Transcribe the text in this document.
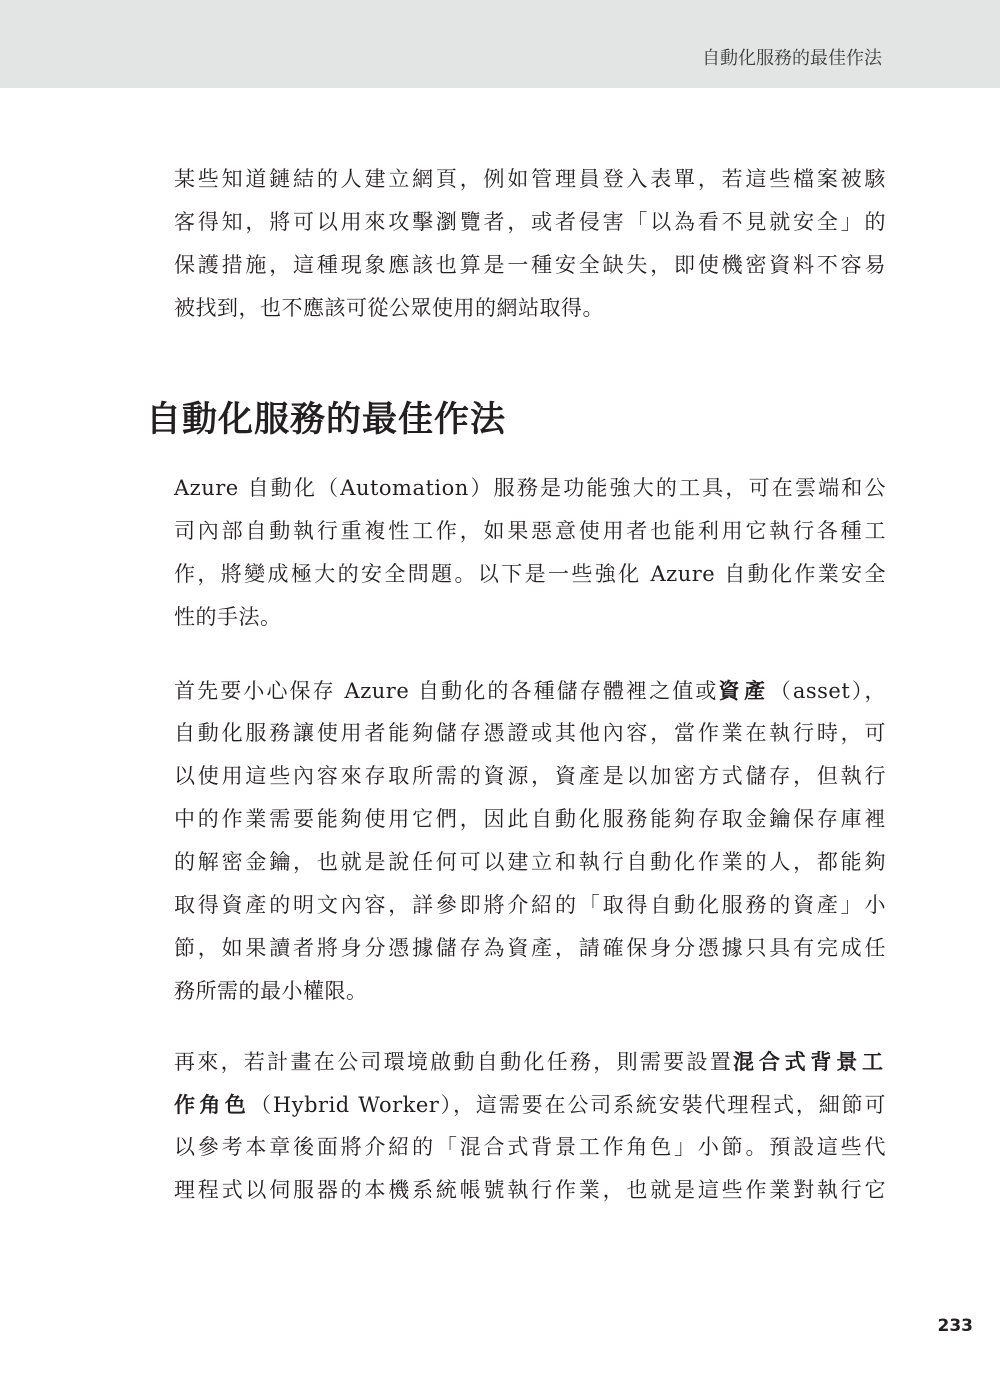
自動化服務的最佳作法
某些知道鏈結的人建立網頁，例如管理員登入表單，若這些檔案被駭
客得知，將可以用來攻擊瀏覽者，或者侵害「以為看不見就安全」的
保護措施，這種現象應該也算是一種安全缺失，即使機密資料不容易
被找到，也不應該可從公眾使用的網站取得。
自動化服務的最佳作法
Azure 自動化（Automation）服務是功能強大的工具，可在雲端和公
司內部自動執行重複性工作，如果惡意使用者也能利用它執行各種工
作，將變成極大的安全問題。以下是一些強化 Azure 自動化作業安全
性的手法。
首先要小心保存 Azure 自動化的各種儲存體裡之值或資產（asset），
自動化服務讓使用者能夠儲存憑證或其他內容，當作業在執行時，可
以使用這些內容來存取所需的資源，資產是以加密方式儲存，但執行
中的作業需要能夠使用它們，因此自動化服務能夠存取金鑰保存庫裡
的解密金鑰，也就是說任何可以建立和執行自動化作業的人，都能夠
取得資產的明文內容，詳參即將介紹的「取得自動化服務的資產」小
節，如果讀者將身分憑據儲存為資產，請確保身分憑據只具有完成任
務所需的最小權限。
再來，若計畫在公司環境啟動自動化任務，則需要設置混合式背景工
作角色（Hybrid Worker），這需要在公司系統安裝代理程式，細節可
以參考本章後面將介紹的「混合式背景工作角色」小節。預設這些代
理程式以伺服器的本機系統帳號執行作業，也就是這些作業對執行它
233
